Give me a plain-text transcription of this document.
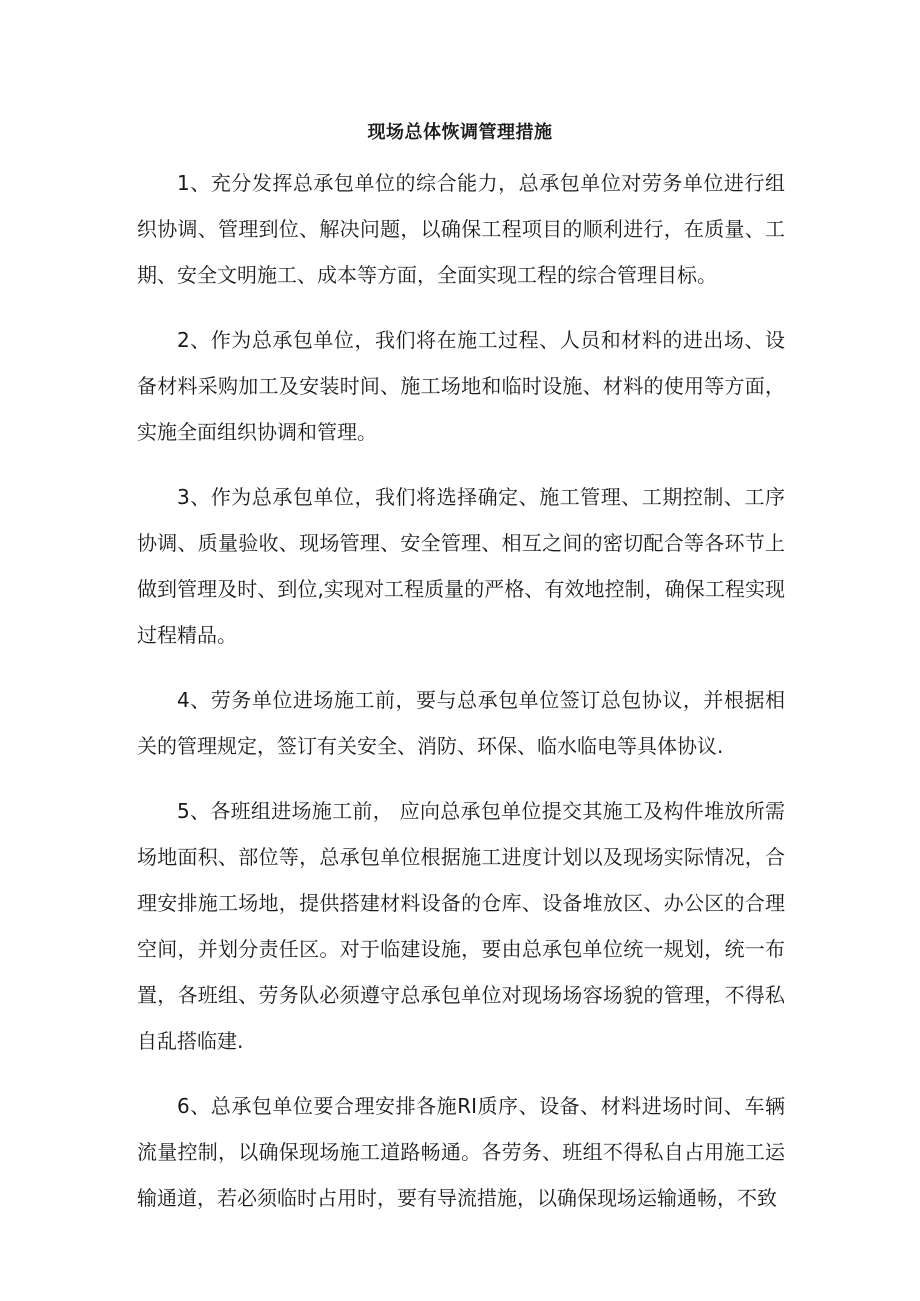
现场总体恢调管理措施

1、充分发挥总承包单位的综合能力，总承包单位对劳务单位进行组织协调、管理到位、解决问题，以确保工程项目的顺利进行，在质量、工期、安全文明施工、成本等方面，全面实现工程的综合管理目标。

2、作为总承包单位，我们将在施工过程、人员和材料的进出场、设备材料采购加工及安装时间、施工场地和临时设施、材料的使用等方面，实施全面组织协调和管理。

3、作为总承包单位，我们将选择确定、施工管理、工期控制、工序协调、质量验收、现场管理、安全管理、相互之间的密切配合等各环节上做到管理及时、到位,实现对工程质量的严格、有效地控制，确保工程实现过程精品。

4、劳务单位进场施工前，要与总承包单位签订总包协议，并根据相关的管理规定，签订有关安全、消防、环保、临水临电等具体协议.

5、各班组进场施工前， 应向总承包单位提交其施工及构件堆放所需场地面积、部位等，总承包单位根据施工进度计划以及现场实际情况，合理安排施工场地，提供搭建材料设备的仓库、设备堆放区、办公区的合理空间，并划分责任区。对于临建设施，要由总承包单位统一规划，统一布置，各班组、劳务队必须遵守总承包单位对现场场容场貌的管理，不得私自乱搭临建.

6、总承包单位要合理安排各施RI质序、设备、材料进场时间、车辆流量控制，以确保现场施工道路畅通。各劳务、班组不得私自占用施工运输通道，若必须临时占用时，要有导流措施，以确保现场运输通畅，不致
